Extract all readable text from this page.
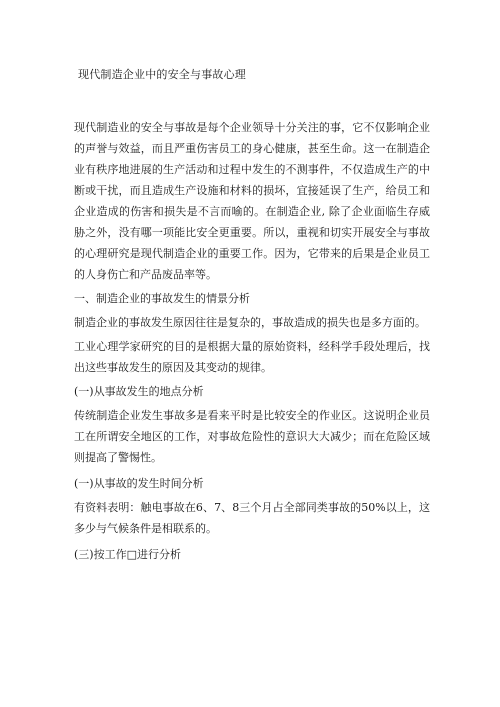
现代制造企业中的安全与事故心理

现代制造业的安全与事故是每个企业领导十分关注的事，它不仅影响企业的声誉与效益，而且严重伤害员工的身心健康，甚至生命。这一在制造企业有秩序地进展的生产活动和过程中发生的不测事件，不仅造成生产的中断或干扰，而且造成生产设施和材料的损坏，宜接延误了生产，给员工和企业造成的伤害和损失是不言而喻的。在制造企业, 除了企业面临生存威胁之外，没有哪一项能比安全更重要。所以，重视和切实开展安全与事故的心理研究是现代制造企业的重要工作。因为，它带来的后果是企业员工的人身伤亡和产品废品率等。

一、制造企业的事故发生的情景分析
制造企业的事故发生原因往往是复杂的，事故造成的损失也是多方面的。

工业心理学家研究的目的是根据大量的原始资料，经科学手段处理后，找出这些事故发生的原因及其变动的规律。

(一)从事故发生的地点分析

传统制造企业发生事故多是看来平时是比较安全的作业区。这说明企业员工在所谓安全地区的工作，对事故危险性的意识大大减少；而在危险区域则提高了警惕性。

(一)从事故的发生时间分析

有资料表明：触电事故在6、7、8三个月占全部同类事故的50%以上，这多少与气候条件是相联系的。

(三)按工作□进行分析
